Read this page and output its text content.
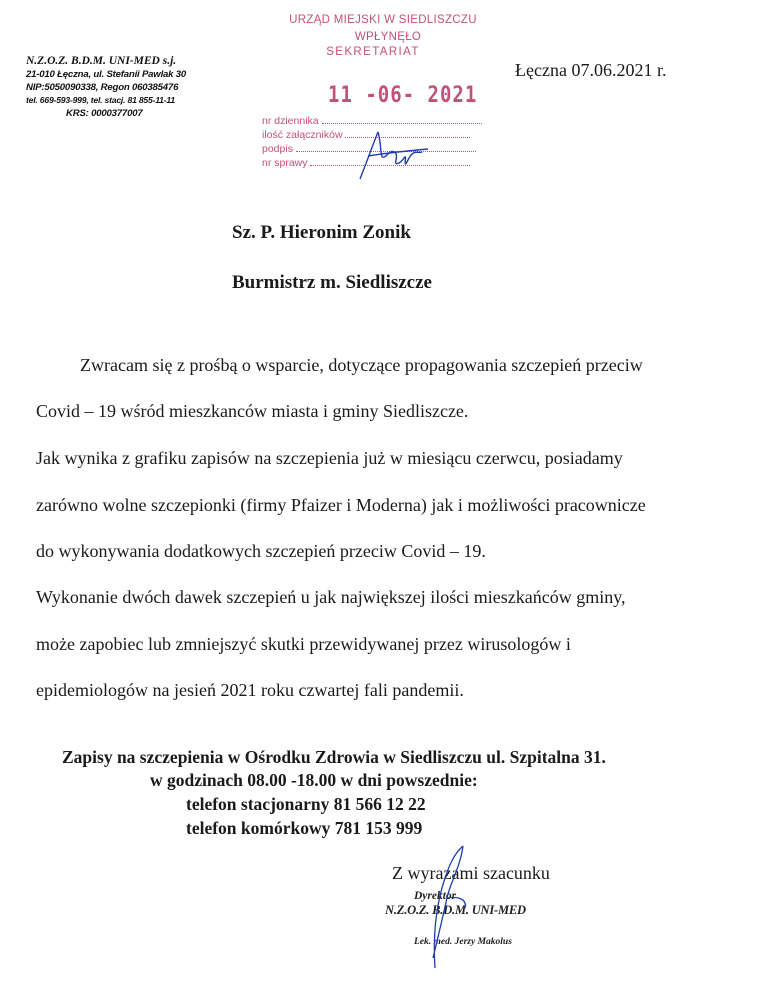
N.Z.O.Z. B.D.M. UNI-MED s.j.
21-010 Łęczna, ul. Stefanii Pawlak 30
NIP:5050090338, Regon 060385476
tel. 669-593-999, tel. stacj. 81 855-11-11
KRS: 0000377007
URZĄD MIEJSKI W SIEDLISZCZU
WPŁYNĘŁO
SEKRETARIAT
11 -06- 2021
nr dziennika
ilość załączników
podpis
nr sprawy
Łęczna 07.06.2021 r.
Sz. P. Hieronim Zonik
Burmistrz m. Siedliszcze
Zwracam się z prośbą o wsparcie, dotyczące propagowania szczepień przeciw
Covid – 19 wśród mieszkanców miasta i gminy Siedliszcze.
Jak wynika z grafiku zapisów na szczepienia już w miesiącu czerwcu, posiadamy
zarówno wolne szczepionki (firmy Pfaizer i Moderna) jak i możliwości pracownicze
do wykonywania dodatkowych szczepień przeciw Covid – 19.
Wykonanie dwóch dawek szczepień u jak największej ilości mieszkańców gminy,
może zapobiec lub zmniejszyć skutki przewidywanej przez wirusologów i
epidemiologów na jesień 2021 roku czwartej fali pandemii.
Zapisy na szczepienia w Ośrodku Zdrowia w Siedliszczu ul. Szpitalna 31.
w godzinach 08.00 -18.00 w dni powszednie:
telefon stacjonarny 81 566 12 22
telefon komórkowy 781 153 999
Z wyrazami szacunku
Dyrektor
N.Z.O.Z. B.D.M. UNI-MED
Lek. med. Jerzy Makolus
